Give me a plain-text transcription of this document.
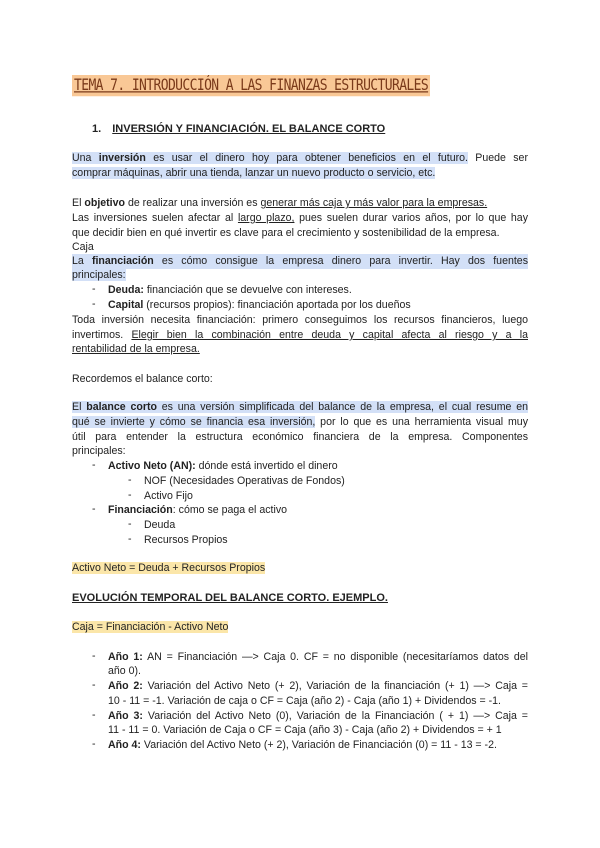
TEMA 7. INTRODUCCIÓN A LAS FINANZAS ESTRUCTURALES
1. INVERSIÓN Y FINANCIACIÓN. EL BALANCE CORTO
Una inversión es usar el dinero hoy para obtener beneficios en el futuro. Puede ser
comprar máquinas, abrir una tienda, lanzar un nuevo producto o servicio, etc.
El objetivo de realizar una inversión es generar más caja y más valor para la empresas.
Las inversiones suelen afectar al largo plazo, pues suelen durar varios años, por lo que hay
que decidir bien en qué invertir es clave para el crecimiento y sostenibilidad de la empresa.
Caja
La financiación es cómo consigue la empresa dinero para invertir. Hay dos fuentes
principales:
-	Deuda: financiación que se devuelve con intereses.
-	Capital (recursos propios): financiación aportada por los dueños
Toda inversión necesita financiación: primero conseguimos los recursos financieros, luego
invertimos. Elegir bien la combinación entre deuda y capital afecta al riesgo y a la
rentabilidad de la empresa.
Recordemos el balance corto:
El balance corto es una versión simplificada del balance de la empresa, el cual resume en
qué se invierte y cómo se financia esa inversión, por lo que es una herramienta visual muy
útil para entender la estructura económico financiera de la empresa. Componentes
principales:
-	Activo Neto (AN): dónde está invertido el dinero
-	NOF (Necesidades Operativas de Fondos)
-	Activo Fijo
-	Financiación: cómo se paga el activo
-	Deuda
-	Recursos Propios
Activo Neto = Deuda + Recursos Propios
EVOLUCIÓN TEMPORAL DEL BALANCE CORTO. EJEMPLO.
Caja = Financiación - Activo Neto
-	Año 1: AN = Financiación —> Caja 0. CF = no disponible (necesitaríamos datos del
año 0).
-	Año 2: Variación del Activo Neto (+ 2), Variación de la financiación (+ 1) —> Caja =
10 - 11 = -1. Variación de caja o CF = Caja (año 2) - Caja (año 1) + Dividendos = -1.
-	Año 3: Variación del Activo Neto (0), Variación de la Financiación ( + 1) —> Caja =
11 - 11 = 0. Variación de Caja o CF = Caja (año 3) - Caja (año 2) + Dividendos = + 1
-	Año 4: Variación del Activo Neto (+ 2), Variación de Financiación (0) = 11 - 13 = -2.
